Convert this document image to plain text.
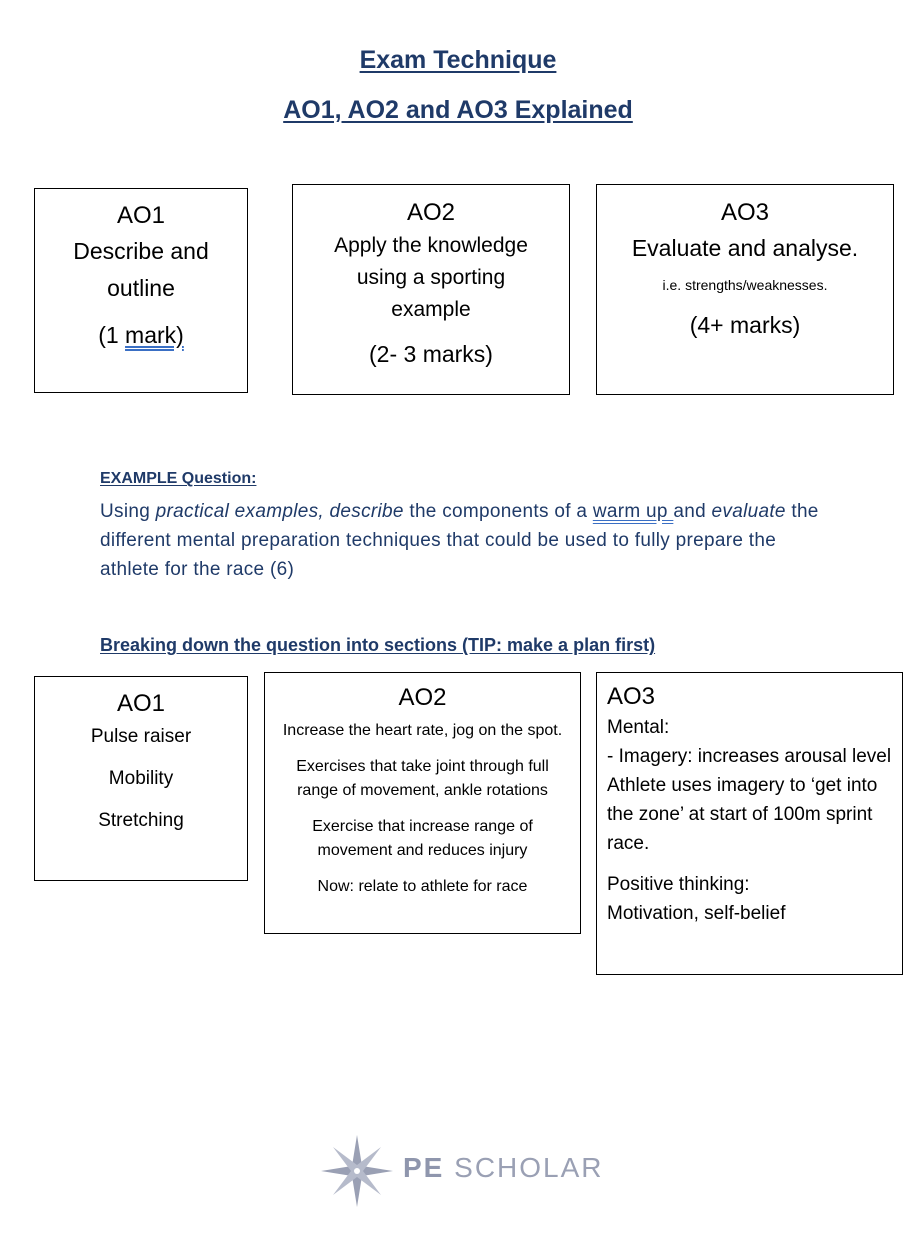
Exam Technique
AO1, AO2 and AO3 Explained
AO1
Describe and
outline
(1 mark)
AO2
Apply the knowledge
using a sporting
example
(2- 3 marks)
AO3
Evaluate and analyse.
i.e. strengths/weaknesses.
(4+ marks)
EXAMPLE Question:
Using practical examples, describe the components of a warm up and evaluate the different mental preparation techniques that could be used to fully prepare the athlete for the race (6)
Breaking down the question into sections (TIP: make a plan first)
AO1
Pulse raiser
Mobility
Stretching
AO2
Increase the heart rate, jog on the spot.
Exercises that take joint through full range of movement, ankle rotations
Exercise that increase range of movement and reduces injury
Now: relate to athlete for race
AO3
Mental:
- Imagery: increases arousal level Athlete uses imagery to ‘get into the zone’ at start of 100m sprint race.
Positive thinking:
Motivation, self-belief
PE SCHOLAR
